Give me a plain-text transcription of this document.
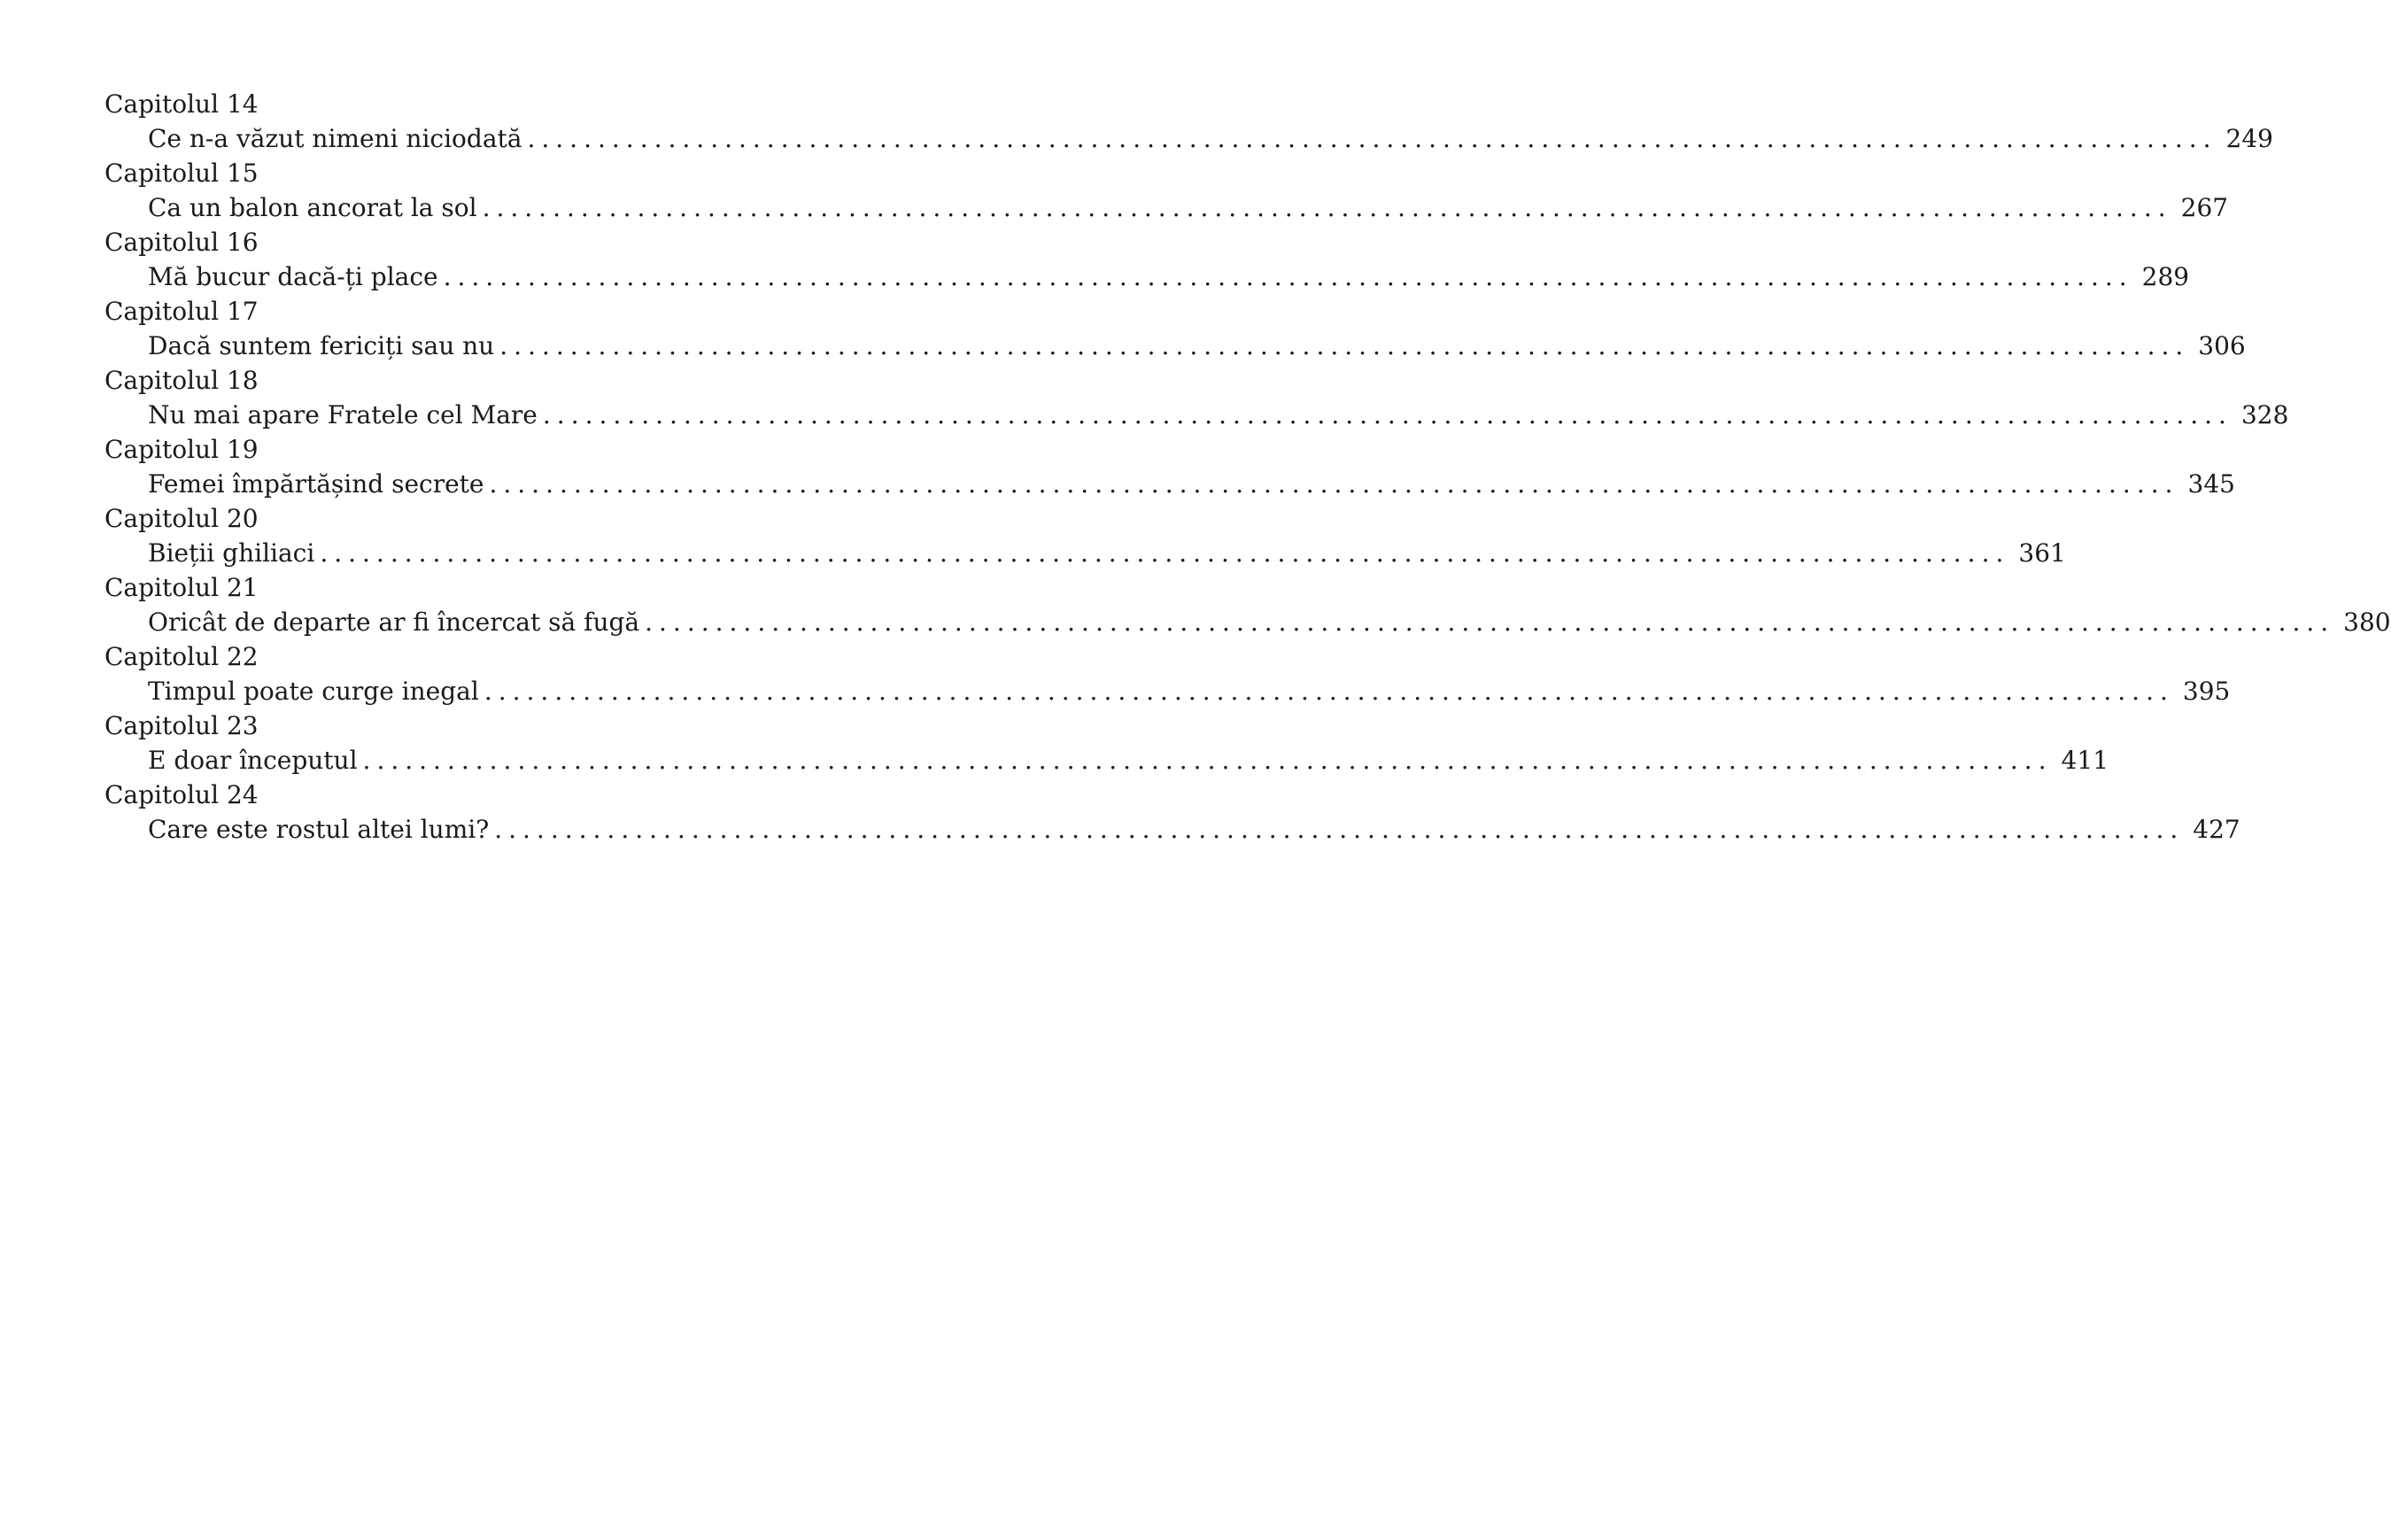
Capitolul 14
Ce n-a văzut nimeni niciodată ........................................................................................................................ 249
Capitolul 15
Ca un balon ancorat la sol ........................................................................................................................ 267
Capitolul 16
Mă bucur dacă-ți place ........................................................................................................................ 289
Capitolul 17
Dacă suntem fericiți sau nu ........................................................................................................................ 306
Capitolul 18
Nu mai apare Fratele cel Mare ........................................................................................................................ 328
Capitolul 19
Femei împărtășind secrete ........................................................................................................................ 345
Capitolul 20
Bieții ghiliaci ........................................................................................................................ 361
Capitolul 21
Oricât de departe ar fi încercat să fugă ........................................................................................................................ 380
Capitolul 22
Timpul poate curge inegal ........................................................................................................................ 395
Capitolul 23
E doar începutul ........................................................................................................................ 411
Capitolul 24
Care este rostul altei lumi? ........................................................................................................................ 427
